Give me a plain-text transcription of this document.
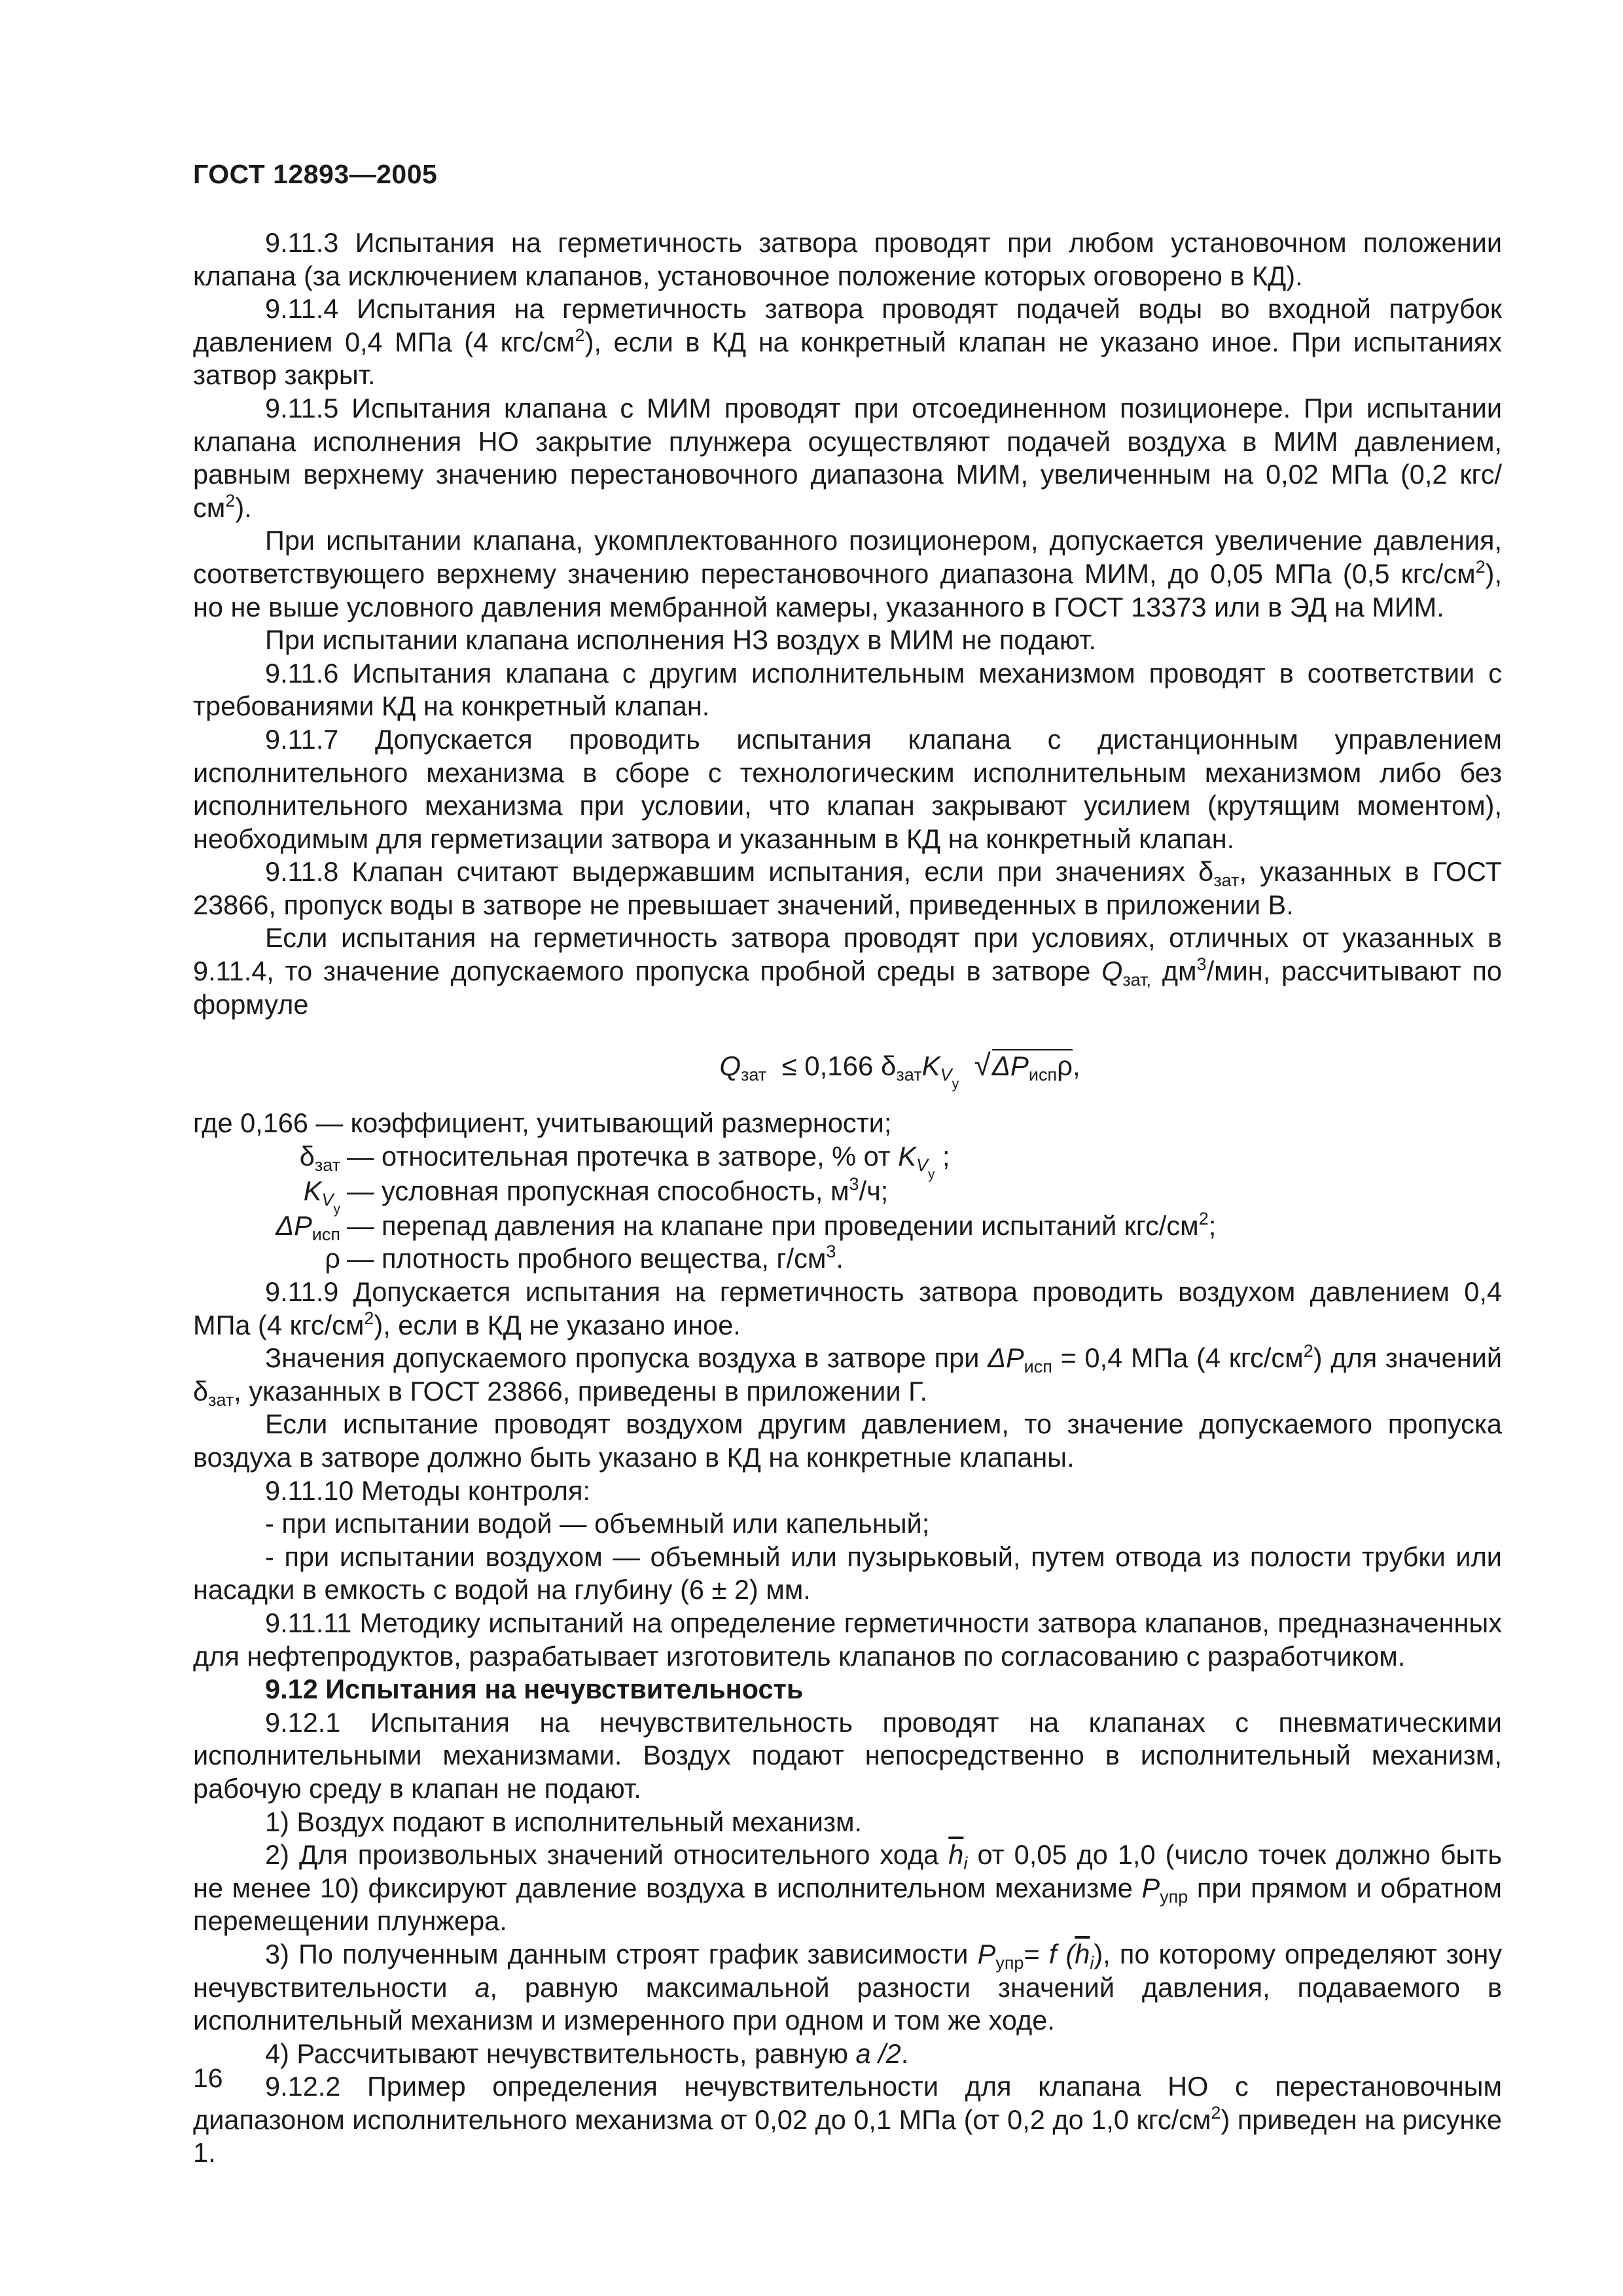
ГОСТ 12893—2005

9.11.3 Испытания на герметичность затвора проводят при любом установочном положении клапана (за исключением клапанов, установочное положение которых оговорено в КД).

9.11.4 Испытания на герметичность затвора проводят подачей воды во входной патрубок давлением 0,4 МПа (4 кгс/$см^2$), если в КД на конкретный клапан не указано иное. При испытаниях затвор закрыт.

9.11.5 Испытания клапана с МИМ проводят при отсоединенном позиционере. При испытании клапана исполнения НО закрытие плунжера осуществляют подачей воздуха в МИМ давлением, равным верхнему значению перестановочного диапазона МИМ, увеличенным на 0,02 МПа (0,2 кгс/$см^2$).

При испытании клапана, укомплектованного позиционером, допускается увеличение давления, соответствующего верхнему значению перестановочного диапазона МИМ, до 0,05 МПа (0,5 кгс/$см^2$), но не выше условного давления мембранной камеры, указанного в ГОСТ 13373 или в ЭД на МИМ.

При испытании клапана исполнения НЗ воздух в МИМ не подают.

9.11.6 Испытания клапана с другим исполнительным механизмом проводят в соответствии с требованиями КД на конкретный клапан.

9.11.7 Допускается проводить испытания клапана с дистанционным управлением исполнительного механизма в сборе с технологическим исполнительным механизмом либо без исполнительного механизма при условии, что клапан закрывают усилием (крутящим моментом), необходимым для герметизации затвора и указанным в КД на конкретный клапан.

9.11.8 Клапан считают выдержавшим испытания, если при значениях $\delta_{зат}$, указанных в ГОСТ 23866, пропуск воды в затворе не превышает значений, приведенных в приложении В.

Если испытания на герметичность затвора проводят при условиях, отличных от указанных в 9.11.4, то значение допускаемого пропуска пробной среды в затворе $Q_{зат,}$ $дм^3$/мин, рассчитывают по формуле

$Q_{зат} \le 0,166$ $\delta_{зат}K_{V_у}$  $√\Delta P_{исп}\rho$,

где 0,166 — коэффициент, учитывающий размерности;

$\delta_{зат}$ — относительная протечка в затворе, % от $K_{V_у}$ ;
$K_{V_у}$
— условная пропускная способность, $м^3/ч$;
$\Delta P_{исп}$ — перепад давления на клапане при проведении испытаний кгс/$см^2$;
ρ — плотность пробного вещества, $г/см^3$.

9.11.9 Допускается испытания на герметичность затвора проводить воздухом давлением 0,4 МПа (4 кгс/$см^2$), если в КД не указано иное.

Значения допускаемого пропуска воздуха в затворе при $\Delta P_{исп} = 0,4$ МПа (4 кгс/$см^2$) для значений $\delta_{зат}$, указанных в ГОСТ 23866, приведены в приложении Г.

Если испытание проводят воздухом другим давлением, то значение допускаемого пропуска воздуха в затворе должно быть указано в КД на конкретные клапаны.

9.11.10 Методы контроля:

- при испытании водой — объемный или капельный;

- при испытании воздухом — объемный или пузырьковый, путем отвода из полости трубки или насадки в емкость с водой на глубину (6 ± 2) мм.

9.11.11 Методику испытаний на определение герметичности затвора клапанов, предназначенных для нефтепродуктов, разрабатывает изготовитель клапанов по согласованию с разработчиком.

9.12 Испытания на нечувствительность

9.12.1 Испытания на нечувствительность проводят на клапанах с пневматическими исполнительными механизмами. Воздух подают непосредственно в исполнительный механизм, рабочую среду в клапан не подают.

1) Воздух подают в исполнительный механизм.

2) Для произвольных значений относительного хода $\overline{h}_i$ от 0,05 до 1,0 (число точек должно быть не менее 10) фиксируют давление воздуха в исполнительном механизме $P_{упр}$ при прямом и обратном перемещении плунжера.

3) По полученным данным строят график зависимости $P_{упр}= f$ $(\overline{h}_i)$, по которому определяют зону нечувствительности а, равную максимальной разности значений давления, подаваемого в исполнительный механизм и измеренного при одном и том же ходе.

4) Рассчитывают нечувствительность, равную а /2.

9.12.2 Пример определения нечувствительности для клапана НО с перестановочным диапазоном исполнительного механизма от 0,02 до 0,1 МПа (от 0,2 до 1,0 кгс/$см^2$) приведен на рисунке 1.

16
